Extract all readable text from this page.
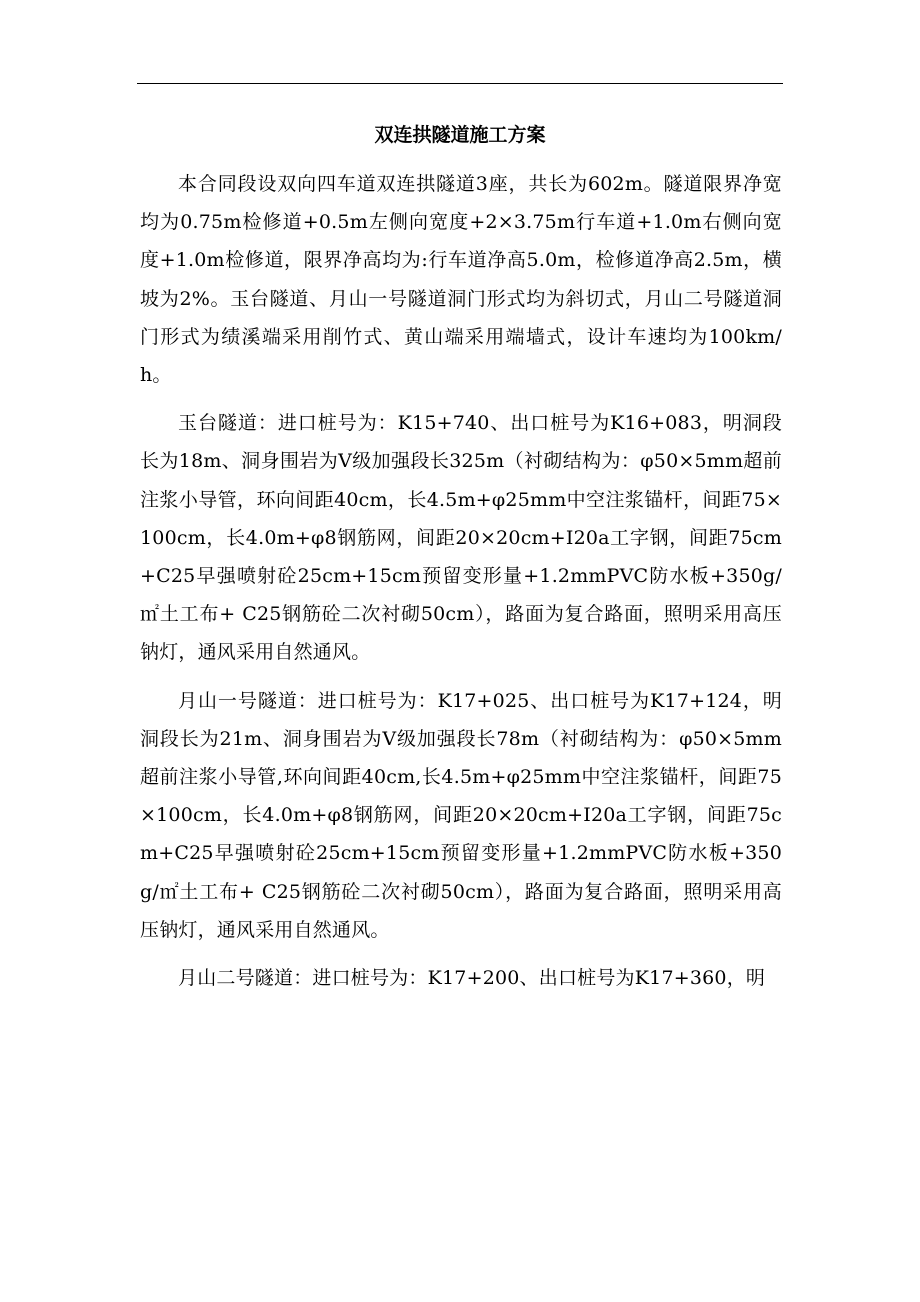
双连拱隧道施工方案

本合同段设双向四车道双连拱隧道3座，共长为602m。隧道限界净宽均为0.75m检修道+0.5m左侧向宽度+2×3.75m行车道+1.0m右侧向宽度+1.0m检修道，限界净高均为:行车道净高5.0m，检修道净高2.5m，横坡为2%。玉台隧道、月山一号隧道洞门形式均为斜切式，月山二号隧道洞门形式为绩溪端采用削竹式、黄山端采用端墙式，设计车速均为100km/h。

玉台隧道：进口桩号为：K15+740、出口桩号为K16+083，明洞段长为18m、洞身围岩为Ⅴ级加强段长325m（衬砌结构为：φ50×5mm超前注浆小导管，环向间距40cm，长4.5m+φ25mm中空注浆锚杆，间距75×100cm，长4.0m+φ8钢筋网，间距20×20cm+I20a工字钢，间距75cm+C25早强喷射砼25cm+15cm预留变形量+1.2mmPVC防水板+350g/㎡土工布+ C25钢筋砼二次衬砌50cm），路面为复合路面，照明采用高压钠灯，通风采用自然通风。

月山一号隧道：进口桩号为：K17+025、出口桩号为K17+124，明洞段长为21m、洞身围岩为Ⅴ级加强段长78m（衬砌结构为：φ50×5mm超前注浆小导管,环向间距40cm,长4.5m+φ25mm中空注浆锚杆，间距75×100cm，长4.0m+φ8钢筋网，间距20×20cm+I20a工字钢，间距75cm+C25早强喷射砼25cm+15cm预留变形量+1.2mmPVC防水板+350g/㎡土工布+ C25钢筋砼二次衬砌50cm），路面为复合路面，照明采用高压钠灯，通风采用自然通风。

月山二号隧道：进口桩号为：K17+200、出口桩号为K17+360，明
